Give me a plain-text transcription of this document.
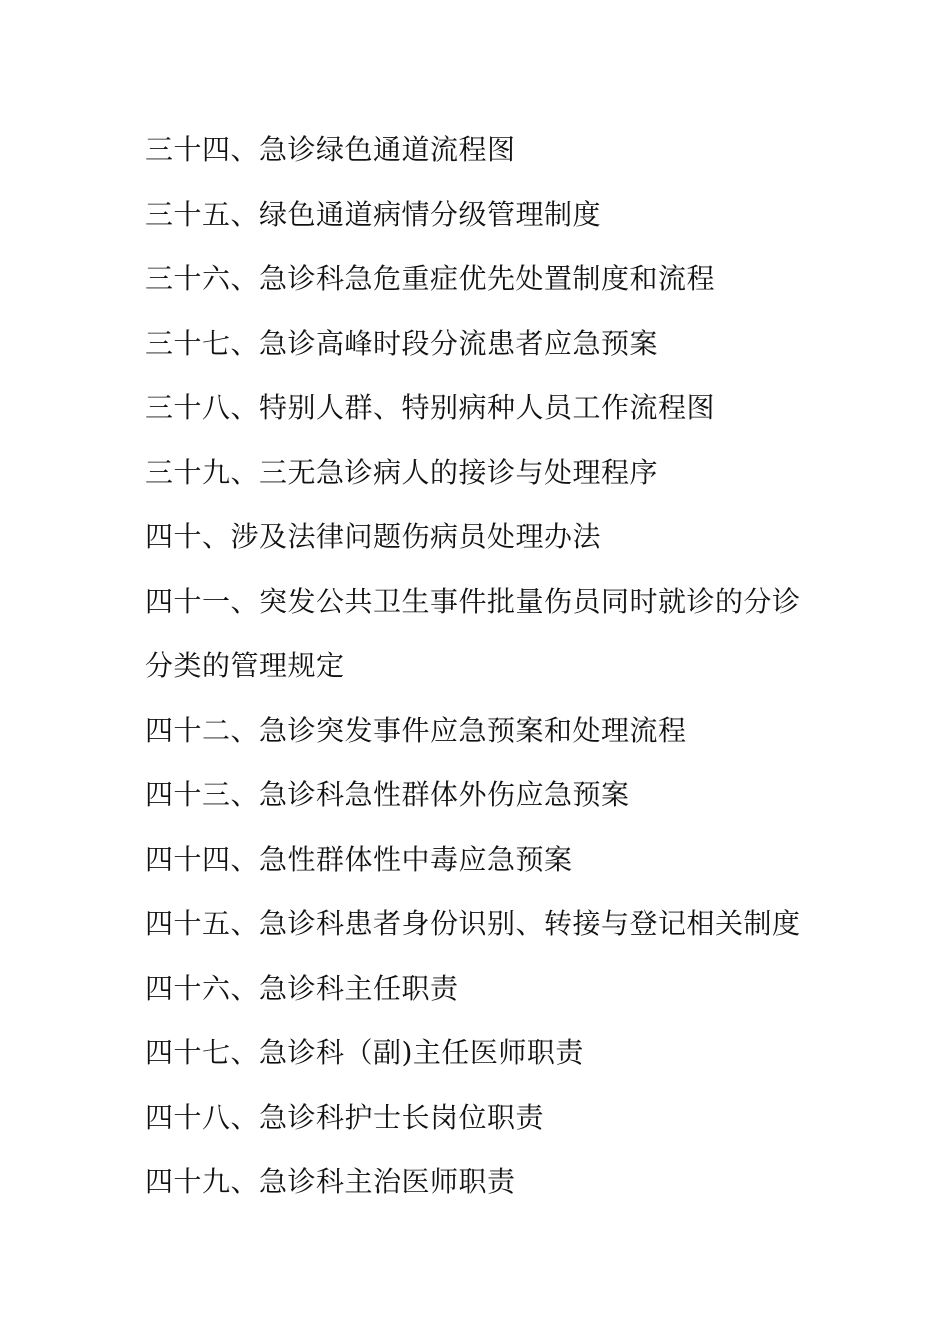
三十四、急诊绿色通道流程图
三十五、绿色通道病情分级管理制度
三十六、急诊科急危重症优先处置制度和流程
三十七、急诊高峰时段分流患者应急预案
三十八、特别人群、特别病种人员工作流程图
三十九、三无急诊病人的接诊与处理程序
四十、涉及法律问题伤病员处理办法
四十一、突发公共卫生事件批量伤员同时就诊的分诊
分类的管理规定
四十二、急诊突发事件应急预案和处理流程
四十三、急诊科急性群体外伤应急预案
四十四、急性群体性中毒应急预案
四十五、急诊科患者身份识别、转接与登记相关制度
四十六、急诊科主任职责
四十七、急诊科（副)主任医师职责
四十八、急诊科护士长岗位职责
四十九、急诊科主治医师职责
